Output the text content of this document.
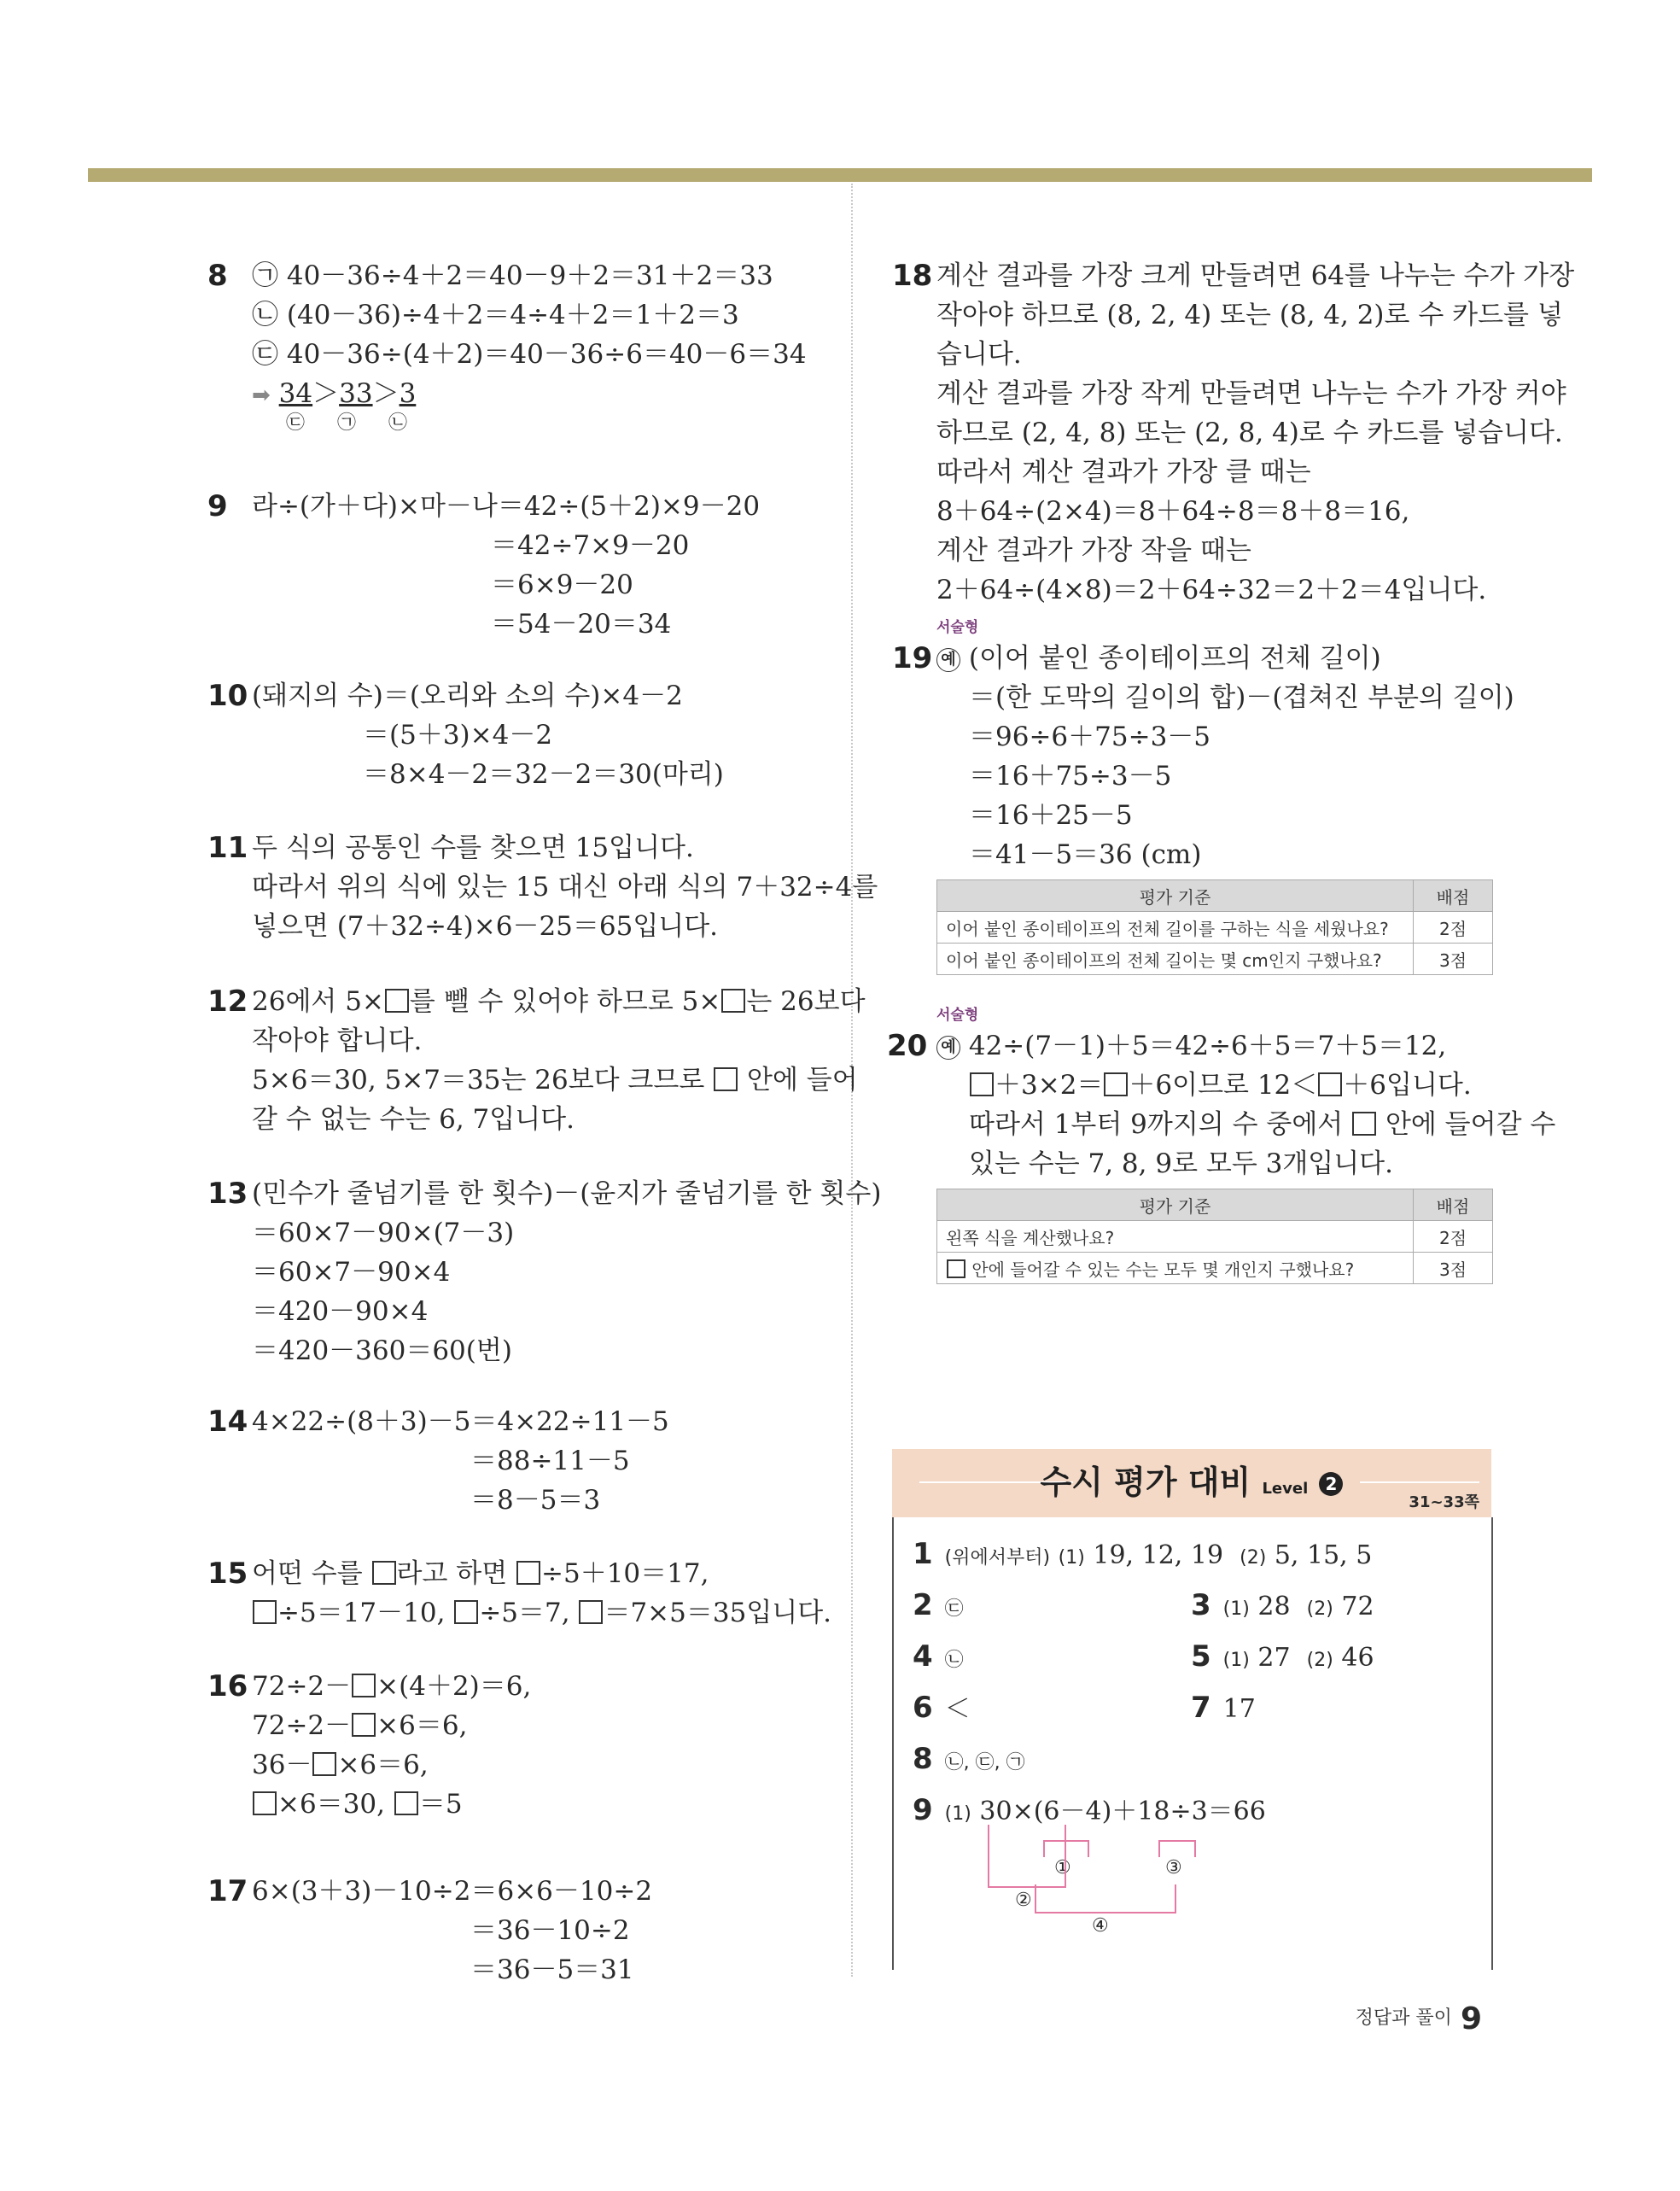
8 ㉠ 40－36÷4＋2＝40－9＋2＝31＋2＝33
㉡ (40－36)÷4＋2＝4÷4＋2＝1＋2＝3
㉢ 40－36÷(4＋2)＝40－36÷6＝40－6＝34
➡ 34＞33＞3
㉢ ㉠ ㉡
9 라÷(가＋다)×마－나＝42÷(5＋2)×9－20
＝42÷7×9－20
＝6×9－20
＝54－20＝34
10 (돼지의 수)＝(오리와 소의 수)×4－2
＝(5＋3)×4－2
＝8×4－2＝32－2＝30(마리)
11 두 식의 공통인 수를 찾으면 15입니다.
따라서 위의 식에 있는 15 대신 아래 식의 7＋32÷4를
넣으면 (7＋32÷4)×6－25＝65입니다.
12 26에서 5× 를 뺄 수 있어야 하므로 5× 는 26보다
작아야 합니다.
5×6＝30, 5×7＝35는 26보다 크므로 안에 들어
갈 수 없는 수는 6, 7입니다.
13 (민수가 줄넘기를 한 횟수)－(윤지가 줄넘기를 한 횟수)
＝60×7－90×(7－3)
＝60×7－90×4
＝420－90×4
＝420－360＝60(번)
14 4×22÷(8＋3)－5＝4×22÷11－5
＝88÷11－5
＝8－5＝3
15 어떤 수를 라고 하면 ÷5＋10＝17,
÷5＝17－10, ÷5＝7, ＝7×5＝35입니다.
16 72÷2－ ×(4＋2)＝6,
72÷2－ ×6＝6,
36－ ×6＝6,
×6＝30, ＝5
17 6×(3＋3)－10÷2＝6×6－10÷2
＝36－10÷2
＝36－5＝31
18 계산 결과를 가장 크게 만들려면 64를 나누는 수가 가장
작아야 하므로 (8, 2, 4) 또는 (8, 4, 2)로 수 카드를 넣
습니다.
계산 결과를 가장 작게 만들려면 나누는 수가 가장 커야
하므로 (2, 4, 8) 또는 (2, 8, 4)로 수 카드를 넣습니다.
따라서 계산 결과가 가장 클 때는
8＋64÷(2×4)＝8＋64÷8＝8＋8＝16,
계산 결과가 가장 작을 때는
2＋64÷(4×8)＝2＋64÷32＝2＋2＝4입니다.
서술형
19 예 (이어 붙인 종이테이프의 전체 길이)
＝(한 도막의 길이의 합)－(겹쳐진 부분의 길이)
＝96÷6＋75÷3－5
＝16＋75÷3－5
＝16＋25－5
＝41－5＝36 (cm)
평가 기준	배점
이어 붙인 종이테이프의 전체 길이를 구하는 식을 세웠나요?	2점
이어 붙인 종이테이프의 전체 길이는 몇 cm인지 구했나요?	3점
서술형
20 예 42÷(7－1)＋5＝42÷6＋5＝7＋5＝12,
＋3×2＝ ＋6이므로 12＜ ＋6입니다.
따라서 1부터 9까지의 수 중에서 안에 들어갈 수
있는 수는 7, 8, 9로 모두 3개입니다.
평가 기준	배점
왼쪽 식을 계산했나요?	2점
안에 들어갈 수 있는 수는 모두 몇 개인지 구했나요?	3점
수시 평가 대비 Level 2
31~33쪽
1 (위에서부터) (1) 19, 12, 19 (2) 5, 15, 5
2 ㉢	3 (1) 28 (2) 72
4 ㉡	5 (1) 27 (2) 46
6 ＜	7 17
8 ㉡, ㉢, ㉠
9 (1) 30×(6－4)＋18÷3＝66
①	③
②
④
정답과 풀이 9
